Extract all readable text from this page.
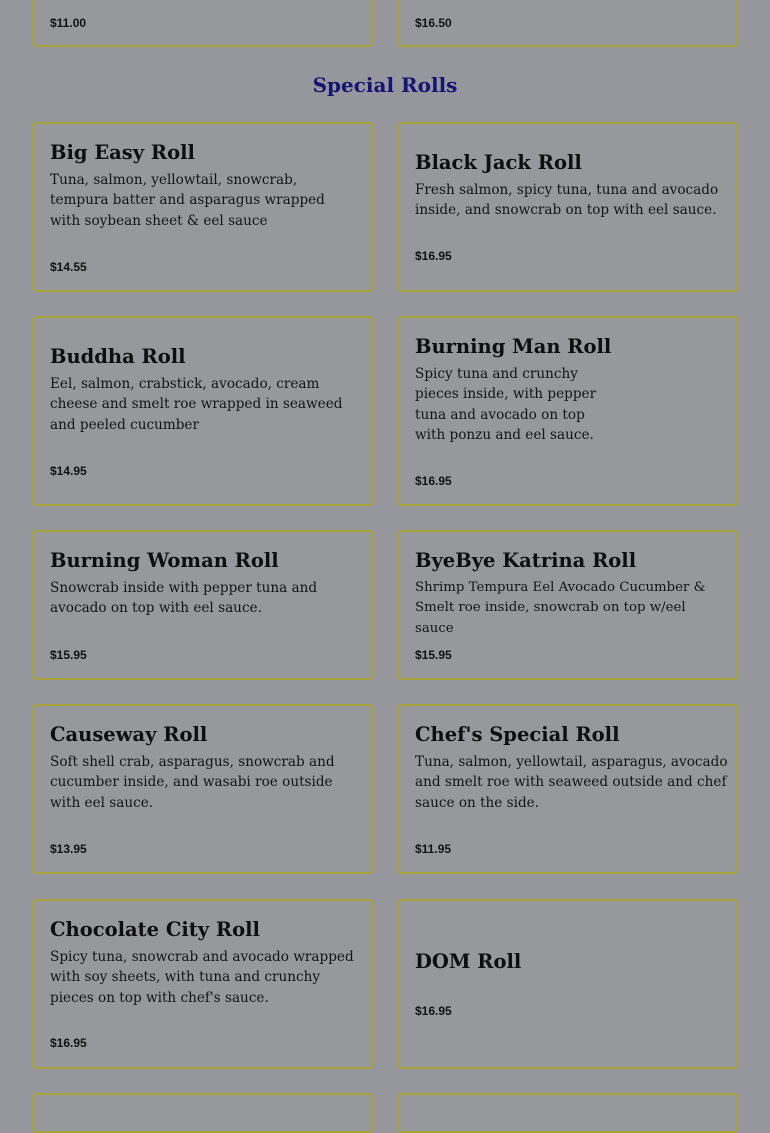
$11.00	$16.50
Special Rolls
Big Easy Roll

Tuna, salmon, yellowtail, snowcrab, tempura batter and asparagus wrapped with soybean sheet & eel sauce

$14.55
Black Jack Roll

Fresh salmon, spicy tuna, tuna and avocado inside, and snowcrab on top with eel sauce.

$16.95
Buddha Roll

Eel, salmon, crabstick, avocado, cream cheese and smelt roe wrapped in seaweed and peeled cucumber

$14.95
Burning Man Roll

Spicy tuna and crunchy pieces inside, with pepper tuna and avocado on top with ponzu and eel sauce.

$16.95
Burning Woman Roll

Snowcrab inside with pepper tuna and avocado on top with eel sauce.

$15.95
ByeBye Katrina Roll

Shrimp Tempura Eel Avocado Cucumber & Smelt roe inside, snowcrab on top w/eel sauce

$15.95
Causeway Roll

Soft shell crab, asparagus, snowcrab and cucumber inside, and wasabi roe outside with eel sauce.

$13.95
Chef's Special Roll

Tuna, salmon, yellowtail, asparagus, avocado and smelt roe with seaweed outside and chef sauce on the side.

$11.95
Chocolate City Roll

Spicy tuna, snowcrab and avocado wrapped with soy sheets, with tuna and crunchy pieces on top with chef's sauce.

$16.95
DOM Roll
$16.95
